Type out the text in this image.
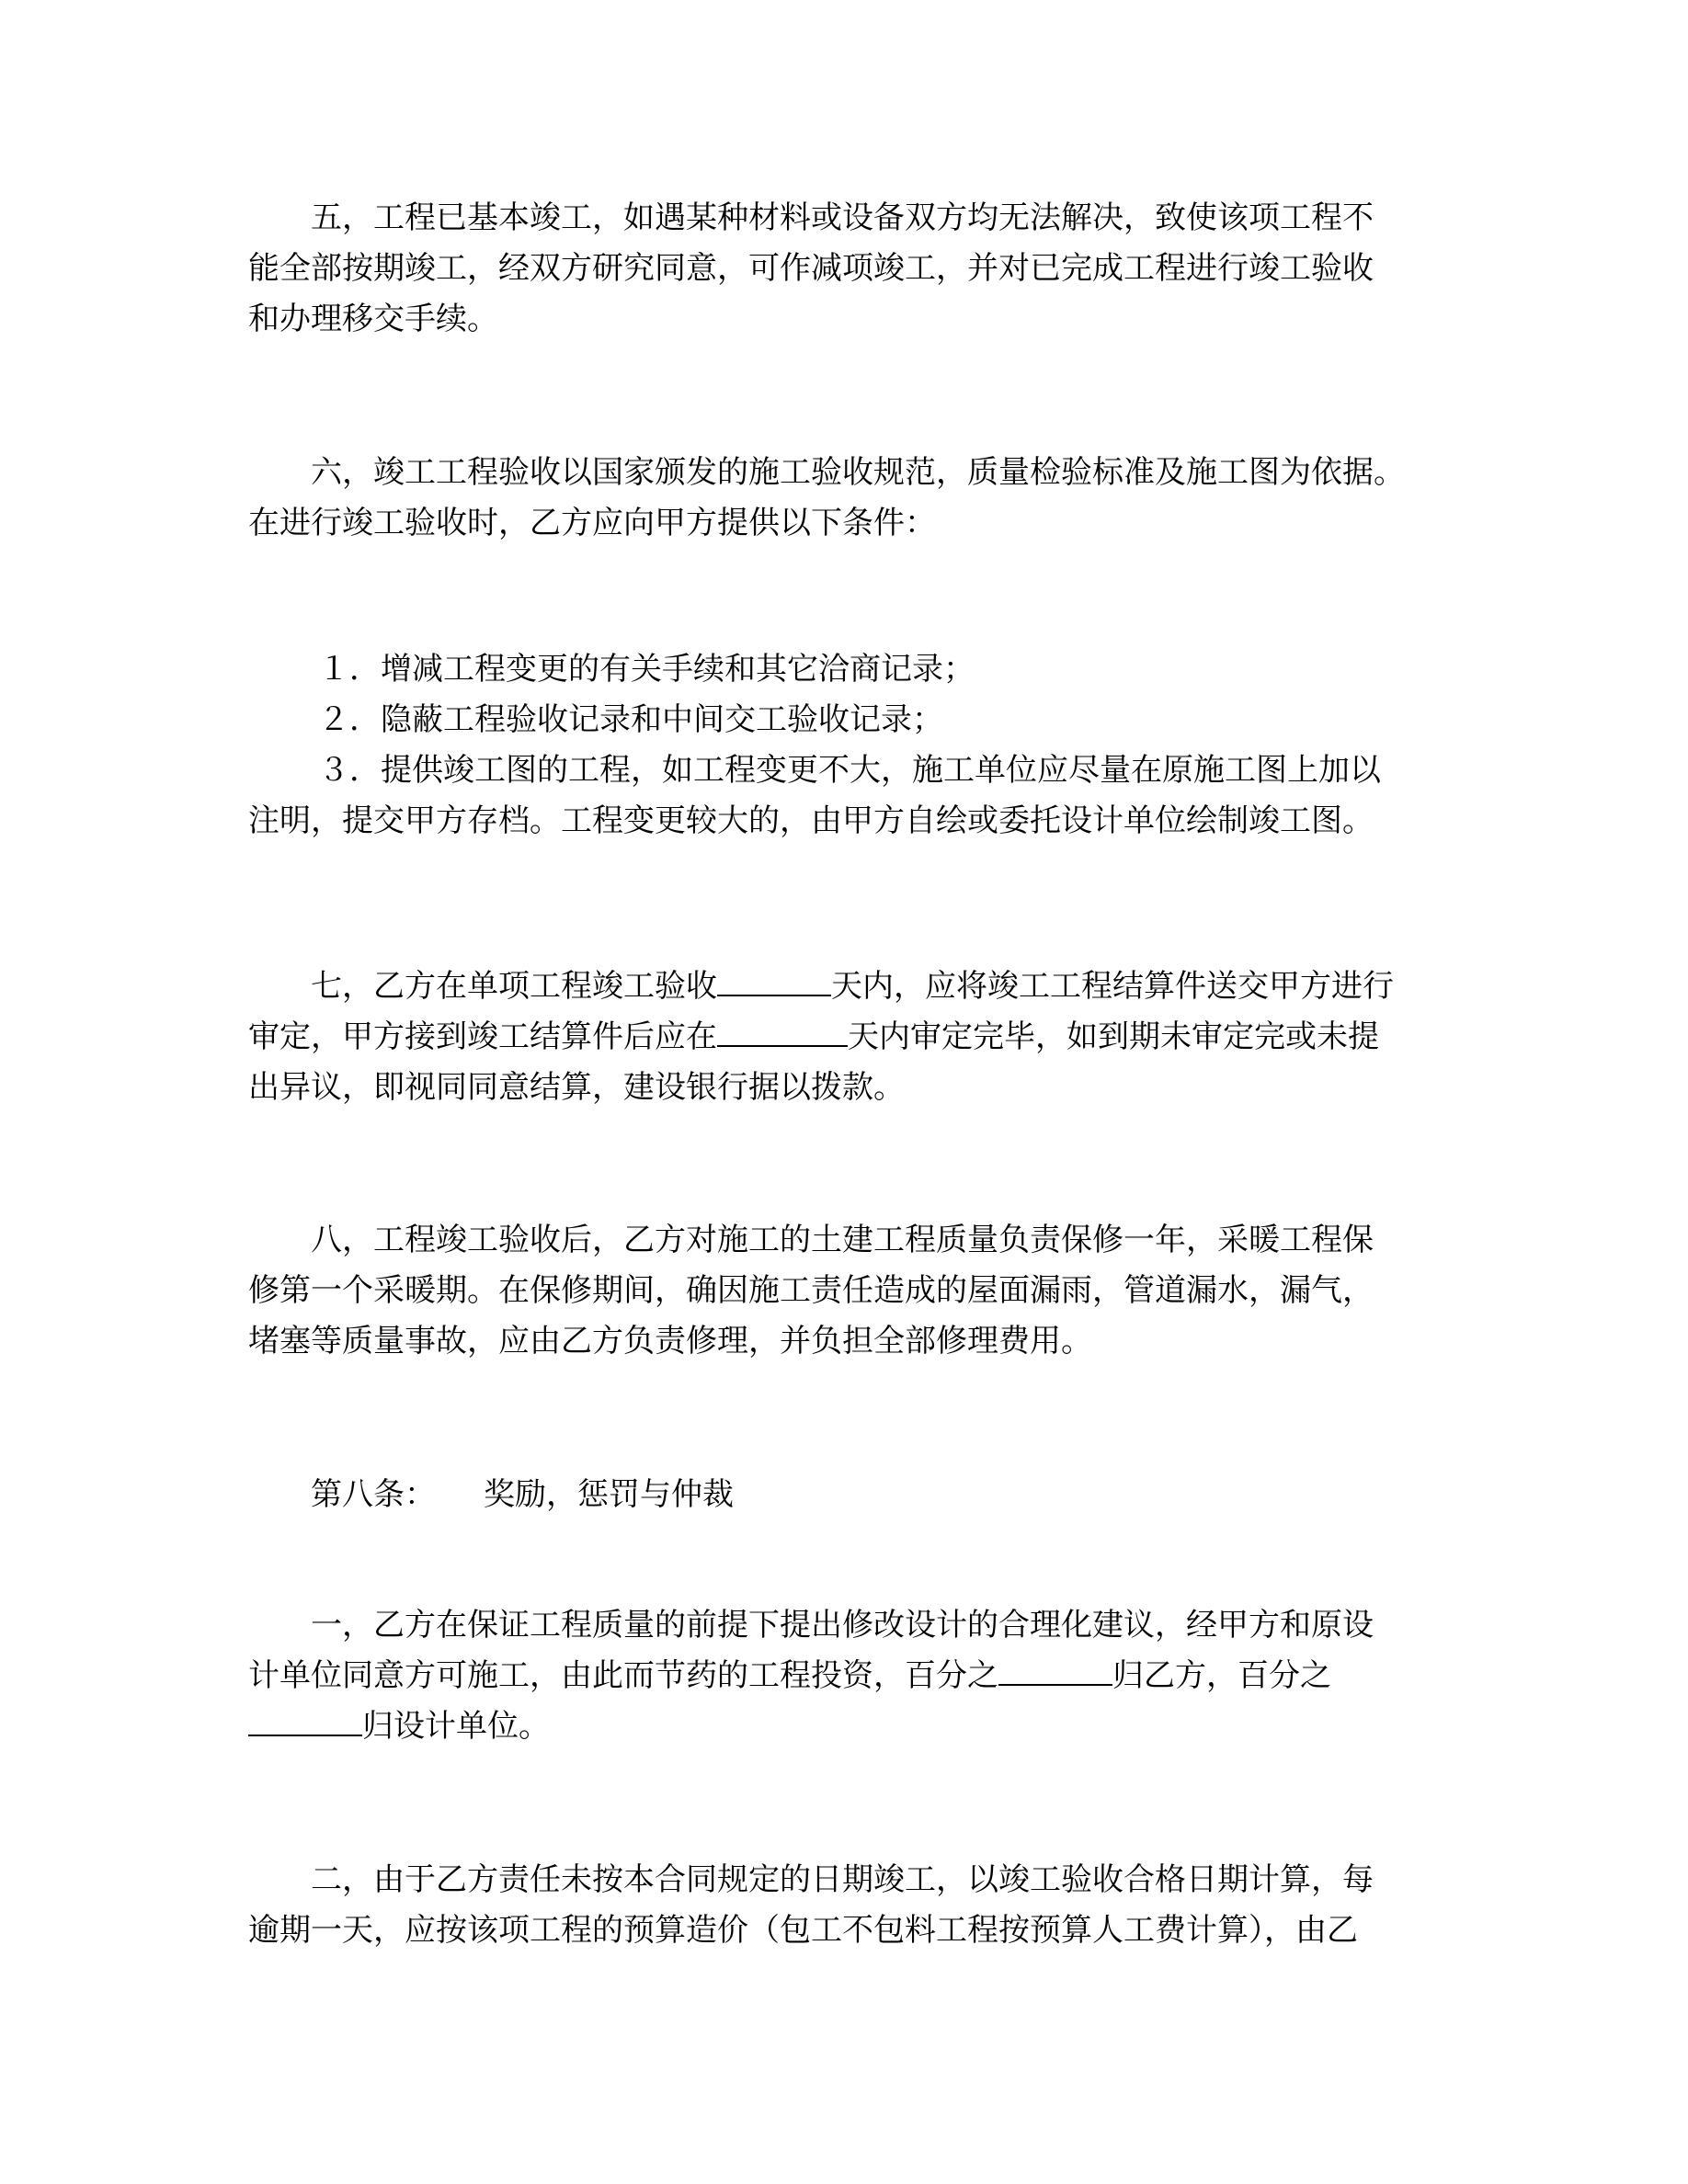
五，工程已基本竣工，如遇某种材料或设备双方均无法解决，致使该项工程不
能全部按期竣工，经双方研究同意，可作减项竣工，并对已完成工程进行竣工验收
和办理移交手续。
六，竣工工程验收以国家颁发的施工验收规范，质量检验标准及施工图为依据。
在进行竣工验收时，乙方应向甲方提供以下条件：
１．增减工程变更的有关手续和其它洽商记录；
２．隐蔽工程验收记录和中间交工验收记录；
３．提供竣工图的工程，如工程变更不大，施工单位应尽量在原施工图上加以
注明，提交甲方存档。工程变更较大的，由甲方自绘或委托设计单位绘制竣工图。
七，乙方在单项工程竣工验收	天内，应将竣工工程结算件送交甲方进行
审定，甲方接到竣工结算件后应在	天内审定完毕，如到期未审定完或未提
出异议，即视同同意结算，建设银行据以拨款。
八，工程竣工验收后，乙方对施工的土建工程质量负责保修一年，采暖工程保
修第一个采暖期。在保修期间，确因施工责任造成的屋面漏雨，管道漏水，漏气，
堵塞等质量事故，应由乙方负责修理，并负担全部修理费用。
第八条： 奖励，惩罚与仲裁
一，乙方在保证工程质量的前提下提出修改设计的合理化建议，经甲方和原设
计单位同意方可施工，由此而节药的工程投资，百分之	归乙方，百分之
归设计单位。
二，由于乙方责任未按本合同规定的日期竣工，以竣工验收合格日期计算，每
逾期一天，应按该项工程的预算造价（包工不包料工程按预算人工费计算），由乙
